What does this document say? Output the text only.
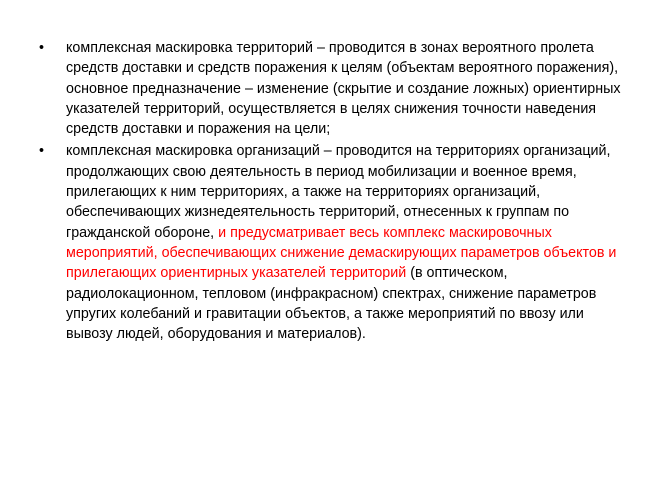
• комплексная маскировка территорий – проводится в зонах вероятного пролета средств доставки и средств поражения к целям (объектам вероятного поражения), основное предназначение – изменение (скрытие и создание ложных) ориентирных указателей территорий, осуществляется в целях снижения точности наведения средств доставки и поражения на цели;
• комплексная маскировка организаций – проводится на территориях организаций, продолжающих свою деятельность в период мобилизации и военное время, прилегающих к ним территориях, а также на территориях организаций, обеспечивающих жизнедеятельность территорий, отнесенных к группам по гражданской обороне, и предусматривает весь комплекс маскировочных мероприятий, обеспечивающих снижение демаскирующих параметров объектов и прилегающих ориентирных указателей территорий (в оптическом, радиолокационном, тепловом (инфракрасном) спектрах, снижение параметров упругих колебаний и гравитации объектов, а также мероприятий по ввозу или вывозу людей, оборудования и материалов).
